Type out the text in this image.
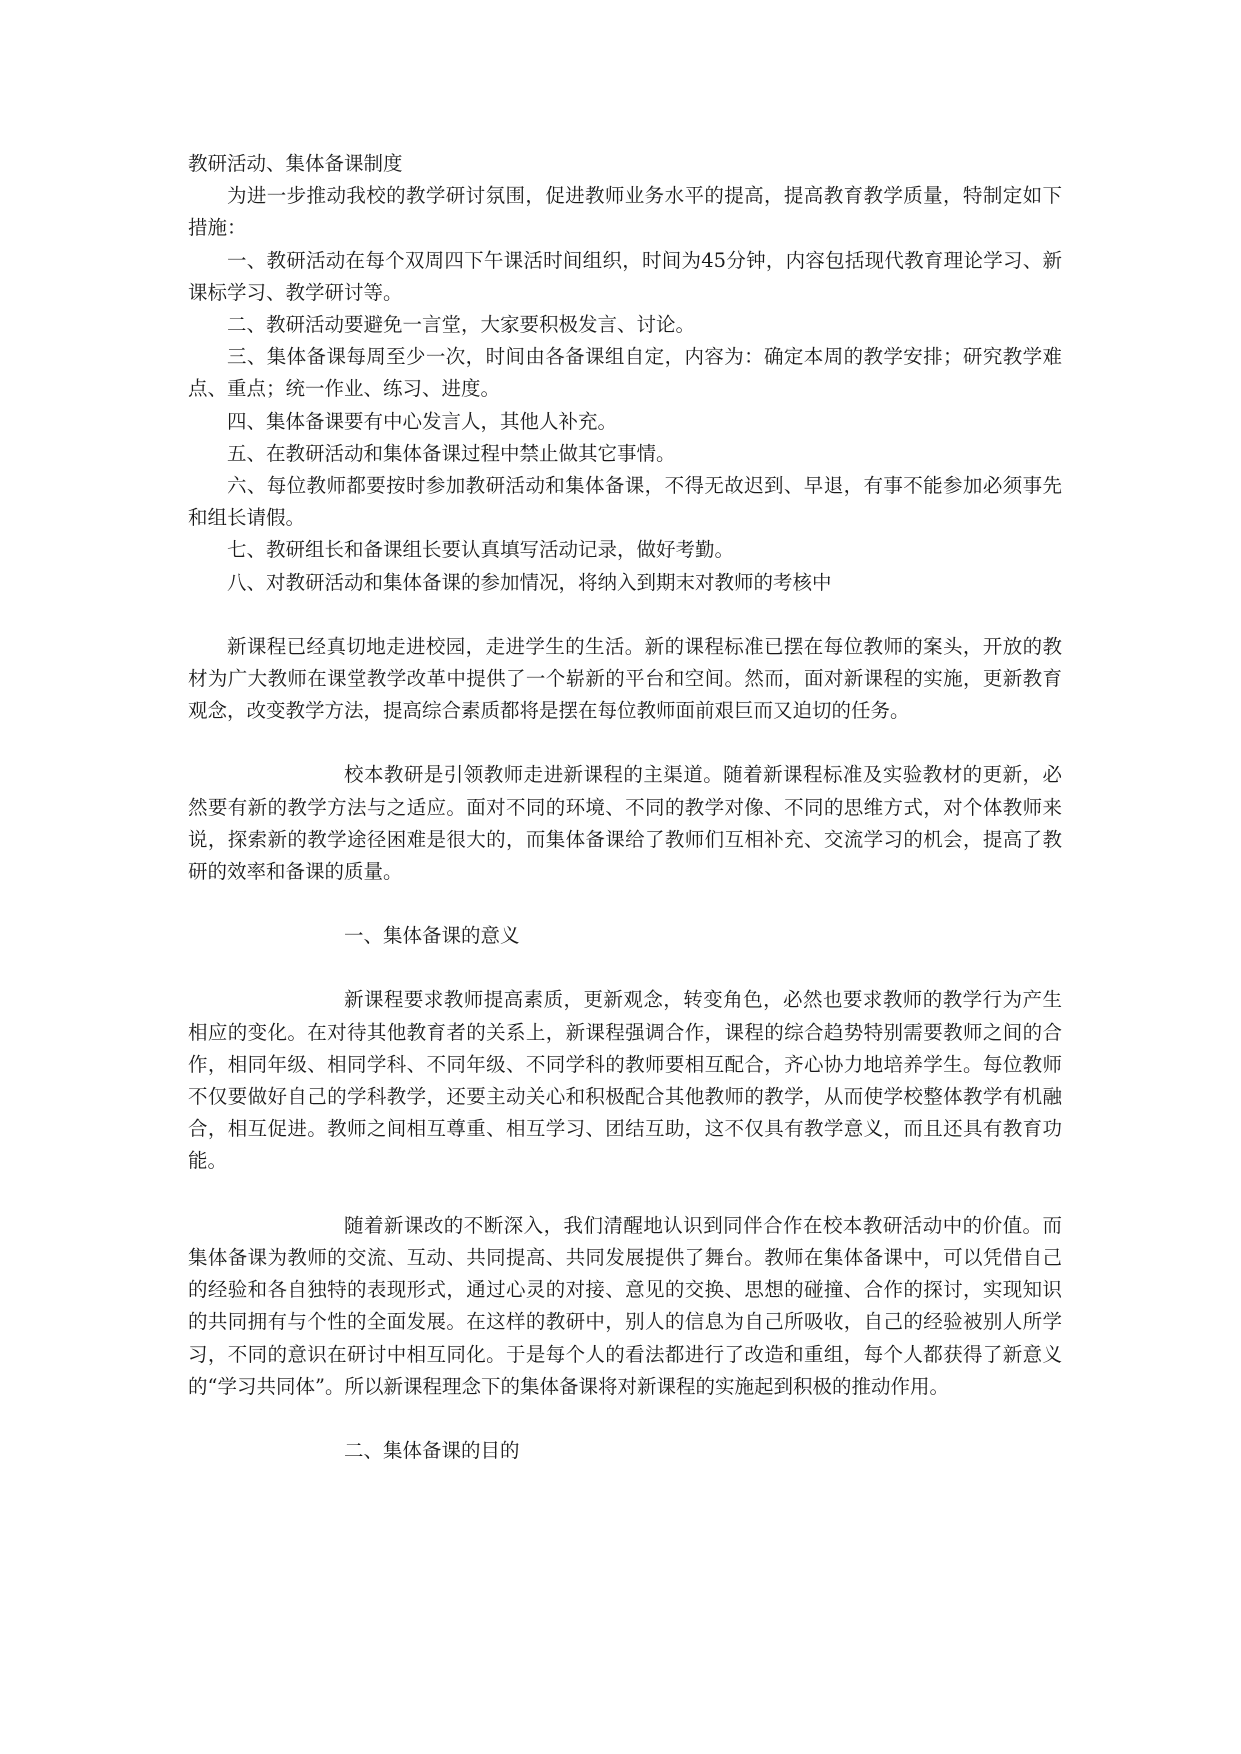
教研活动、集体备课制度

为进一步推动我校的教学研讨氛围，促进教师业务水平的提高，提高教育教学质量，特制定如下措施：

一、教研活动在每个双周四下午课活时间组织，时间为45分钟，内容包括现代教育理论学习、新课标学习、教学研讨等。

二、教研活动要避免一言堂，大家要积极发言、讨论。

三、集体备课每周至少一次，时间由各备课组自定，内容为：确定本周的教学安排；研究教学难点、重点；统一作业、练习、进度。

四、集体备课要有中心发言人，其他人补充。

五、在教研活动和集体备课过程中禁止做其它事情。

六、每位教师都要按时参加教研活动和集体备课，不得无故迟到、早退，有事不能参加必须事先和组长请假。

七、教研组长和备课组长要认真填写活动记录，做好考勤。

八、对教研活动和集体备课的参加情况，将纳入到期末对教师的考核中

新课程已经真切地走进校园，走进学生的生活。新的课程标准已摆在每位教师的案头，开放的教材为广大教师在课堂教学改革中提供了一个崭新的平台和空间。然而，面对新课程的实施，更新教育观念，改变教学方法，提高综合素质都将是摆在每位教师面前艰巨而又迫切的任务。

校本教研是引领教师走进新课程的主渠道。随着新课程标准及实验教材的更新，必然要有新的教学方法与之适应。面对不同的环境、不同的教学对像、不同的思维方式，对个体教师来说，探索新的教学途径困难是很大的，而集体备课给了教师们互相补充、交流学习的机会，提高了教研的效率和备课的质量。

一、集体备课的意义

新课程要求教师提高素质，更新观念，转变角色，必然也要求教师的教学行为产生相应的变化。在对待其他教育者的关系上，新课程强调合作，课程的综合趋势特别需要教师之间的合作，相同年级、相同学科、不同年级、不同学科的教师要相互配合，齐心协力地培养学生。每位教师不仅要做好自己的学科教学，还要主动关心和积极配合其他教师的教学，从而使学校整体教学有机融合，相互促进。教师之间相互尊重、相互学习、团结互助，这不仅具有教学意义，而且还具有教育功能。

随着新课改的不断深入，我们清醒地认识到同伴合作在校本教研活动中的价值。而集体备课为教师的交流、互动、共同提高、共同发展提供了舞台。教师在集体备课中，可以凭借自己的经验和各自独特的表现形式，通过心灵的对接、意见的交换、思想的碰撞、合作的探讨，实现知识的共同拥有与个性的全面发展。在这样的教研中，别人的信息为自己所吸收，自己的经验被别人所学习，不同的意识在研讨中相互同化。于是每个人的看法都进行了改造和重组，每个人都获得了新意义的“学习共同体”。所以新课程理念下的集体备课将对新课程的实施起到积极的推动作用。

二、集体备课的目的
